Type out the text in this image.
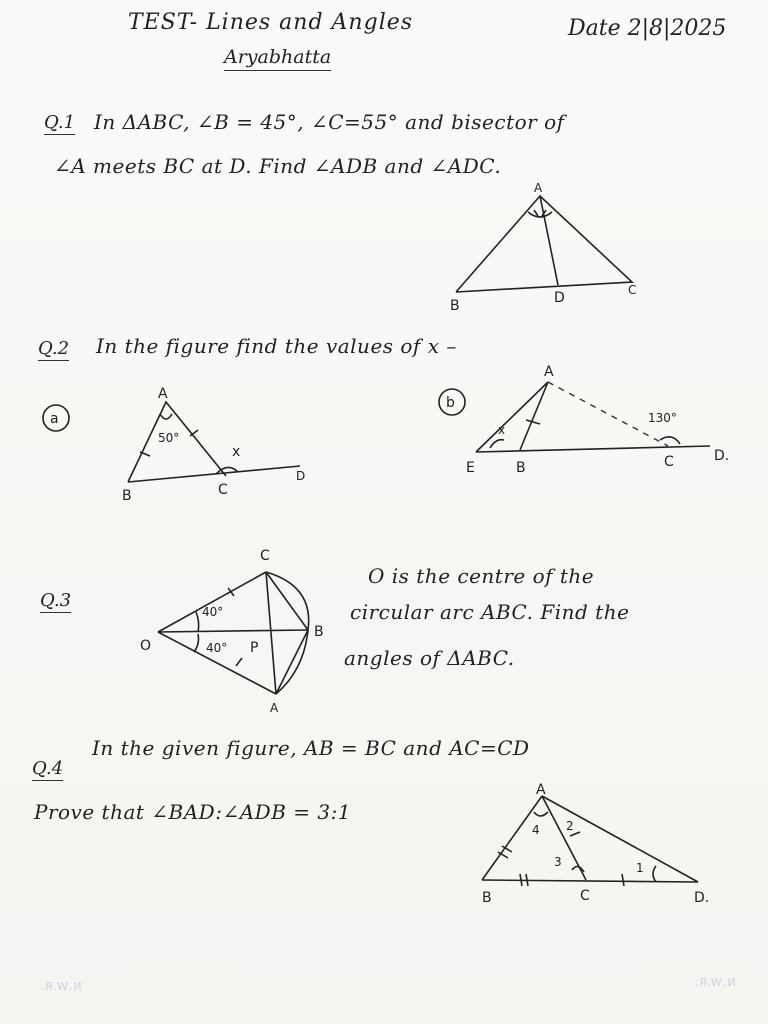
TEST- Lines and Angles	Date 2|8|2025
Aryabhatta
Q.1 In ΔABC, ∠B = 45°, ∠C=55° and bisector of
∠A meets BC at D. Find ∠ADB and ∠ADC.
A
B	D	C
Q.2 In the figure find the values of x –
a
A
50°
x
B	C
D
b
A
x
130°
E	B	C	D.
Q.3
O is the centre of the
circular arc ABC. Find the
angles of ΔABC.
O
40°
40° P
C
B
A
Q.4
In the given figure, AB = BC and AC=CD
Prove that ∠BAD:∠ADB = 3:1
A
4 2
3	1
B	C	D.
N.W.R.	N.W.R.
